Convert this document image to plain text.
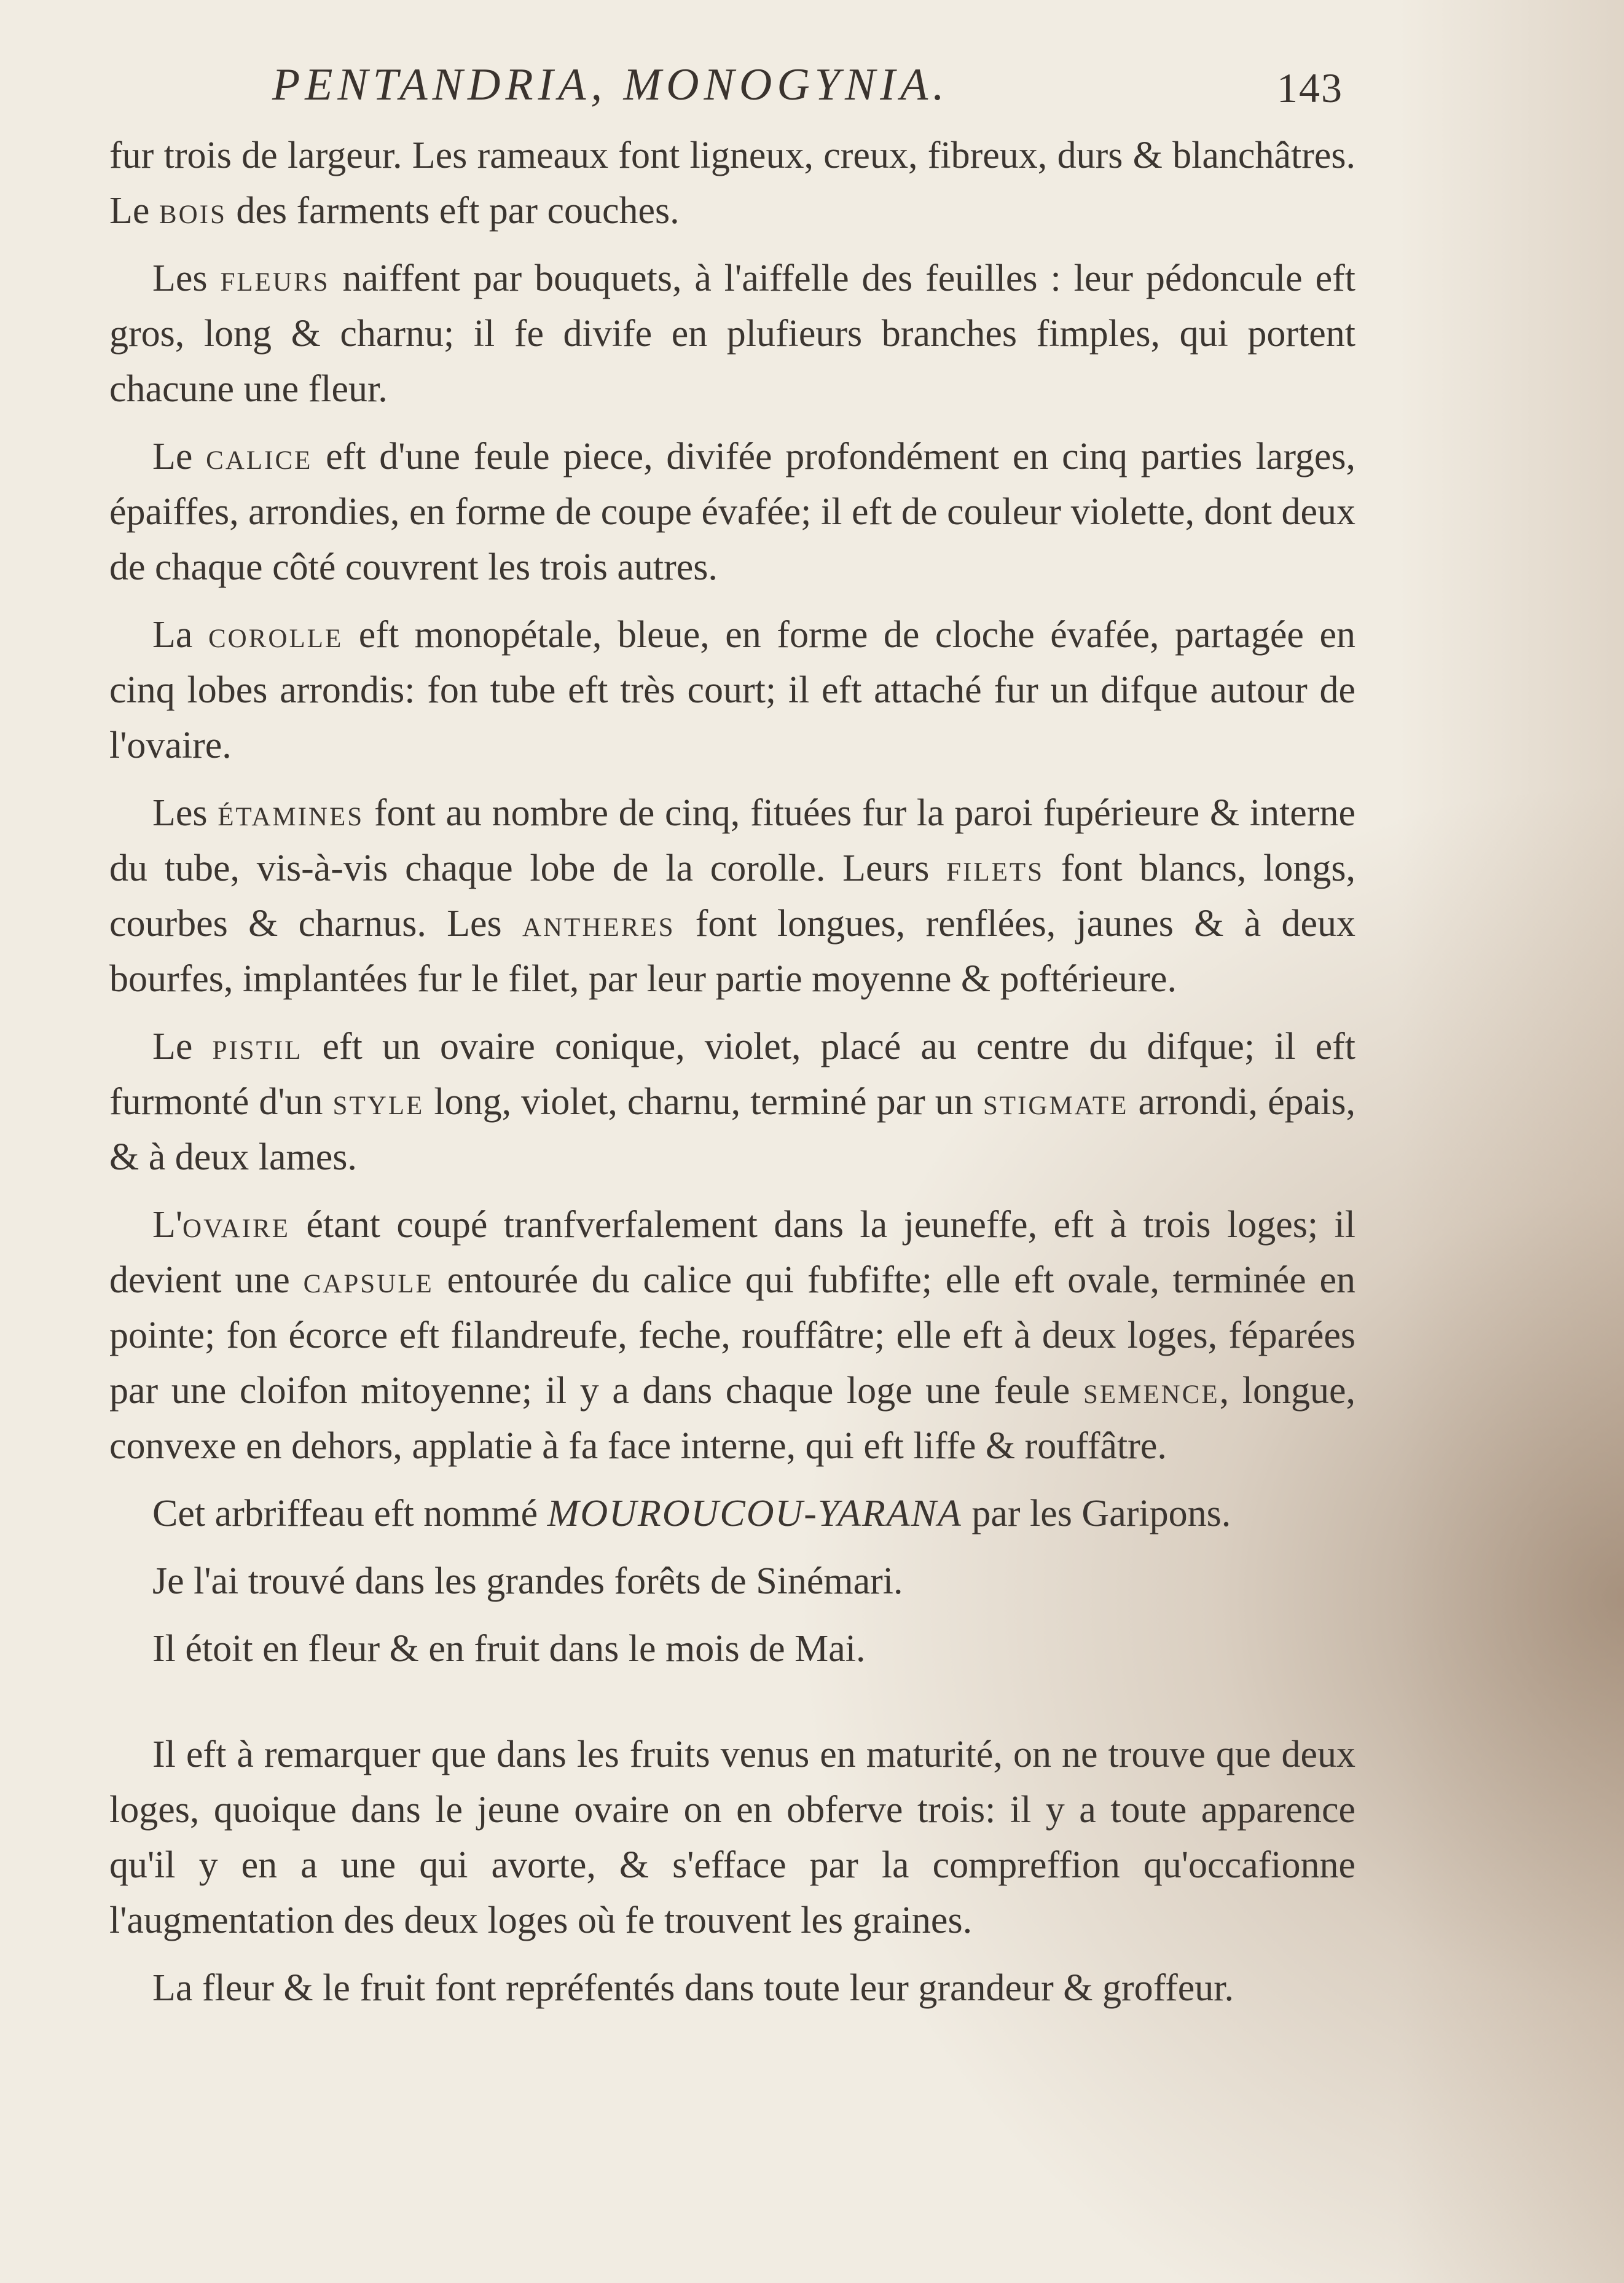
PENTANDRIA, MONOGYNIA.	143

fur trois de largeur. Les rameaux font ligneux, creux, fibreux, durs & blanchâtres. Le bois des farments eft par couches.

Les fleurs naiffent par bouquets, à l'aiffelle des feuilles : leur pédoncule eft gros, long & charnu; il fe divife en plufieurs branches fimples, qui portent chacune une fleur.

Le calice eft d'une feule piece, divifée profondément en cinq parties larges, épaiffes, arrondies, en forme de coupe évafée; il eft de couleur violette, dont deux de chaque côté couvrent les trois autres.

La corolle eft monopétale, bleue, en forme de cloche évafée, partagée en cinq lobes arrondis: fon tube eft très court; il eft attaché fur un difque autour de l'ovaire.

Les étamines font au nombre de cinq, fituées fur la paroi fupérieure & interne du tube, vis-à-vis chaque lobe de la corolle. Leurs filets font blancs, longs, courbes & charnus. Les antheres font longues, renflées, jaunes & à deux bourfes, implantées fur le filet, par leur partie moyenne & poftérieure.

Le pistil eft un ovaire conique, violet, placé au centre du difque; il eft furmonté d'un style long, violet, charnu, terminé par un stigmate arrondi, épais, & à deux lames.

L'ovaire étant coupé tranfverfalement dans la jeuneffe, eft à trois loges; il devient une capsule entourée du calice qui fubfifte; elle eft ovale, terminée en pointe; fon écorce eft filandreufe, feche, rouffâtre; elle eft à deux loges, féparées par une cloifon mitoyenne; il y a dans chaque loge une feule semence, longue, convexe en dehors, applatie à fa face interne, qui eft liffe & rouffâtre.

Cet arbriffeau eft nommé MOUROUCOU-YARANA par les Garipons.

Je l'ai trouvé dans les grandes forêts de Sinémari.

Il étoit en fleur & en fruit dans le mois de Mai.

Il eft à remarquer que dans les fruits venus en maturité, on ne trouve que deux loges, quoique dans le jeune ovaire on en obferve trois: il y a toute apparence qu'il y en a une qui avorte, & s'efface par la compreffion qu'occafionne l'augmentation des deux loges où fe trouvent les graines.

La fleur & le fruit font repréfentés dans toute leur grandeur & groffeur.
